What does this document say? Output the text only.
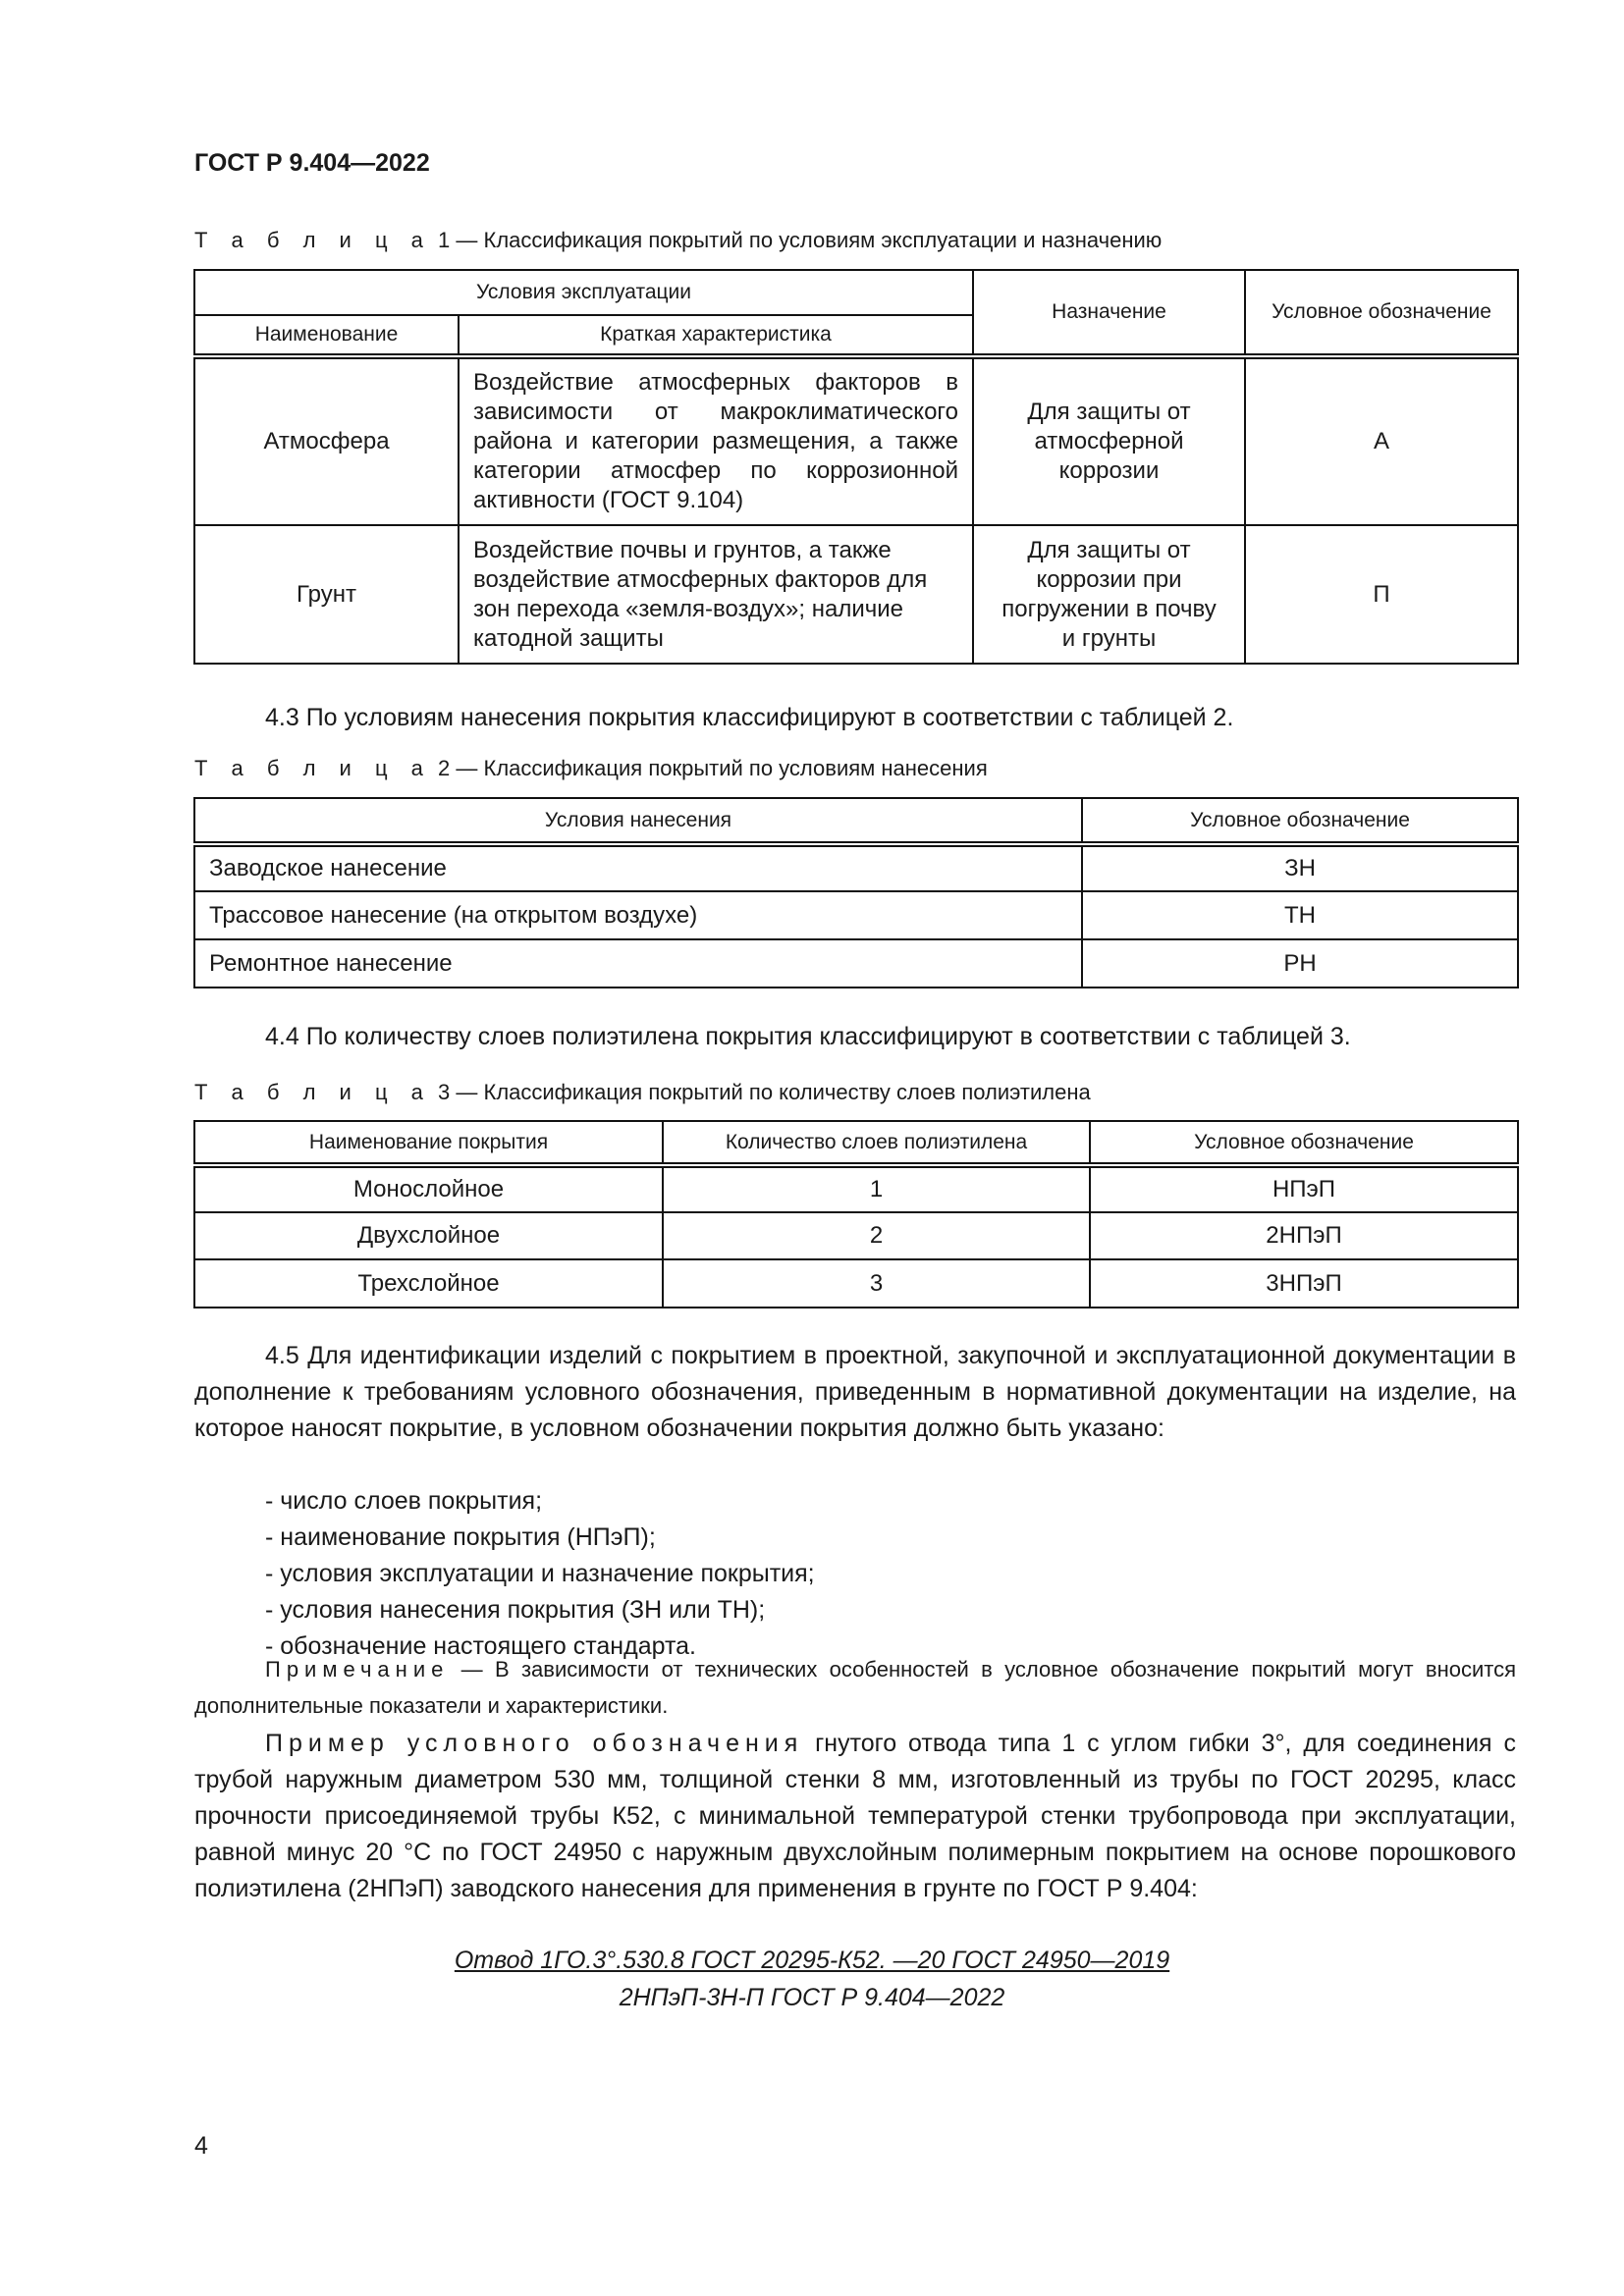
ГОСТ Р 9.404—2022
Т а б л и ц а 1 — Классификация покрытий по условиям эксплуатации и назначению
Условия эксплуатации		Назначение	Условное обозначение
Наименование	Краткая характеристика		
Атмосфера	Воздействие атмосферных факторов в зависимости от макроклиматического района и категории размещения, а также категории атмосфер по коррозионной активности (ГОСТ 9.104)	Для защиты от атмосферной коррозии	А
Грунт	Воздействие почвы и грунтов, а также воздействие атмосферных факторов для зон перехода «земля-воздух»; наличие катодной защиты	Для защиты от коррозии при погружении в почву и грунты	П
4.3 По условиям нанесения покрытия классифицируют в соответствии с таблицей 2.
Т а б л и ц а 2 — Классификация покрытий по условиям нанесения
Условия нанесения	Условное обозначение
Заводское нанесение	ЗН
Трассовое нанесение (на открытом воздухе)	ТН
Ремонтное нанесение	РН
4.4 По количеству слоев полиэтилена покрытия классифицируют в соответствии с таблицей 3.
Т а б л и ц а 3 — Классификация покрытий по количеству слоев полиэтилена
Наименование покрытия	Количество слоев полиэтилена	Условное обозначение
Монослойное	1	НПэП
Двухслойное	2	2НПэП
Трехслойное	3	3НПэП
4.5 Для идентификации изделий с покрытием в проектной, закупочной и эксплуатационной документации в дополнение к требованиям условного обозначения, приведенным в нормативной документации на изделие, на которое наносят покрытие, в условном обозначении покрытия должно быть указано:
- число слоев покрытия;
- наименование покрытия (НПэП);
- условия эксплуатации и назначение покрытия;
- условия нанесения покрытия (ЗН или ТН);
- обозначение настоящего стандарта.
Примечание — В зависимости от технических особенностей в условное обозначение покрытий могут вносится дополнительные показатели и характеристики.
Пример условного обозначения гнутого отвода типа 1 с углом гибки 3°, для соединения с трубой наружным диаметром 530 мм, толщиной стенки 8 мм, изготовленный из трубы по ГОСТ 20295, класс прочности присоединяемой трубы К52, с минимальной температурой стенки трубопровода при эксплуатации, равной минус 20 °С по ГОСТ 24950 с наружным двухслойным полимерным покрытием на основе порошкового полиэтилена (2НПэП) заводского нанесения для применения в грунте по ГОСТ Р 9.404:
Отвод 1ГО.3°.530.8 ГОСТ 20295-К52. —20 ГОСТ 24950—2019
2НПэП-3Н-П ГОСТ Р 9.404—2022
4
